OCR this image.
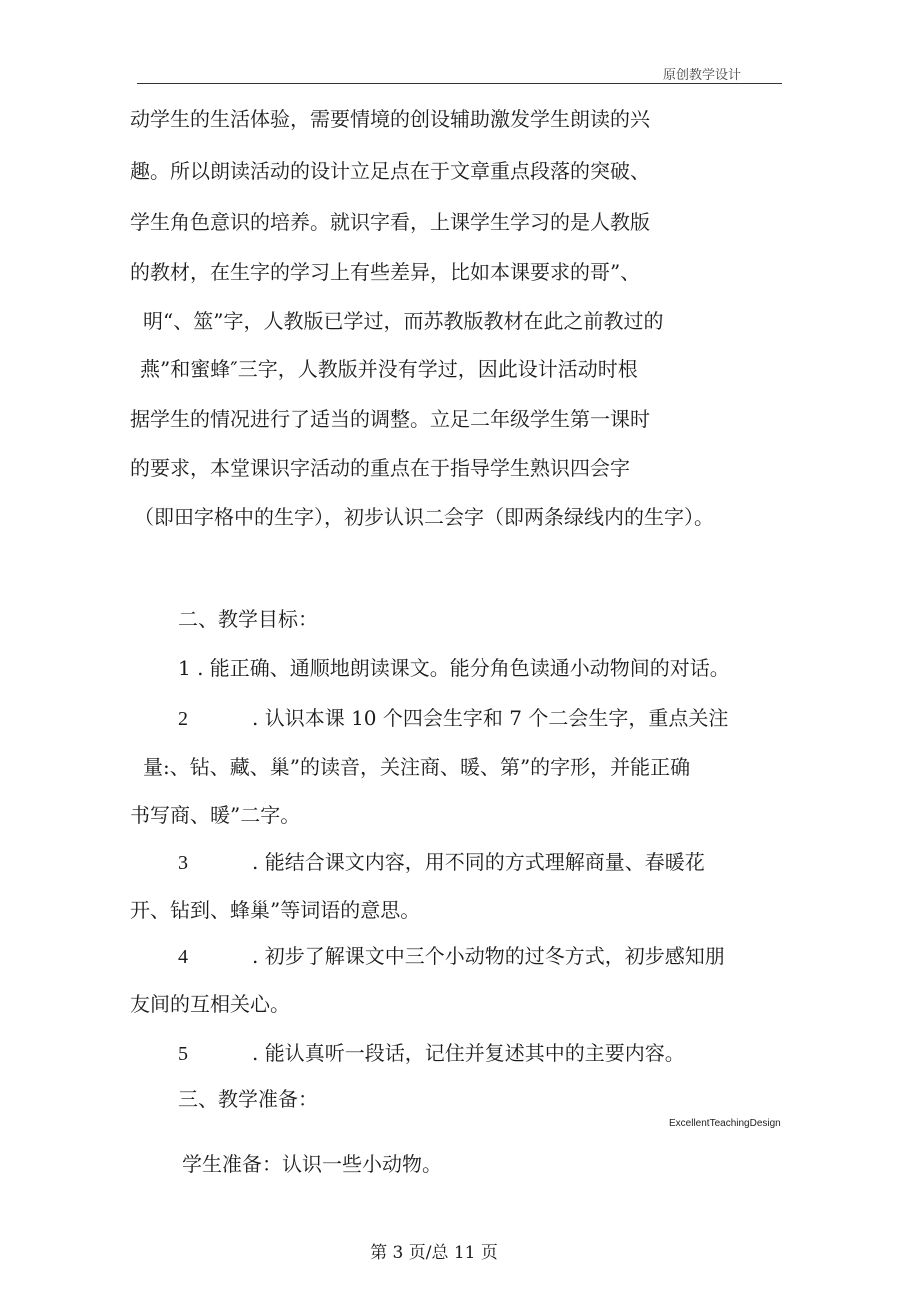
原创教学设计
动学生的生活体验，需要情境的创设辅助激发学生朗读的兴
趣。所以朗读活动的设计立足点在于文章重点段落的突破、
学生角色意识的培养。就识字看，上课学生学习的是人教版
的教材，在生字的学习上有些差异，比如本课要求的哥”、
明“、筮”字，人教版已学过，而苏教版教材在此之前教过的
燕”和蜜蜂″三字，人教版并没有学过，因此设计活动时根
据学生的情况进行了适当的调整。立足二年级学生第一课时
的要求，本堂课识字活动的重点在于指导学生熟识四会字
（即田字格中的生字），初步认识二会字（即两条绿线内的生字）。
二、教学目标：
1 . 能正确、通顺地朗读课文。能分角色读通小动物间的对话。
2	. 认识本课 10 个四会生字和 7 个二会生字，重点关注
量:、钻、藏、巢”的读音，关注商、暖、第”的字形，并能正确
书写商、暖”二字。
3	. 能结合课文内容，用不同的方式理解商量、春暖花
开、钻到、蜂巢”等词语的意思。
4	. 初步了解课文中三个小动物的过冬方式，初步感知朋
友间的互相关心。
5	. 能认真听一段话，记住并复述其中的主要内容。
三、教学准备：
学生准备：认识一些小动物。
ExcellentTeachingDesign
第 3 页/总 11 页
